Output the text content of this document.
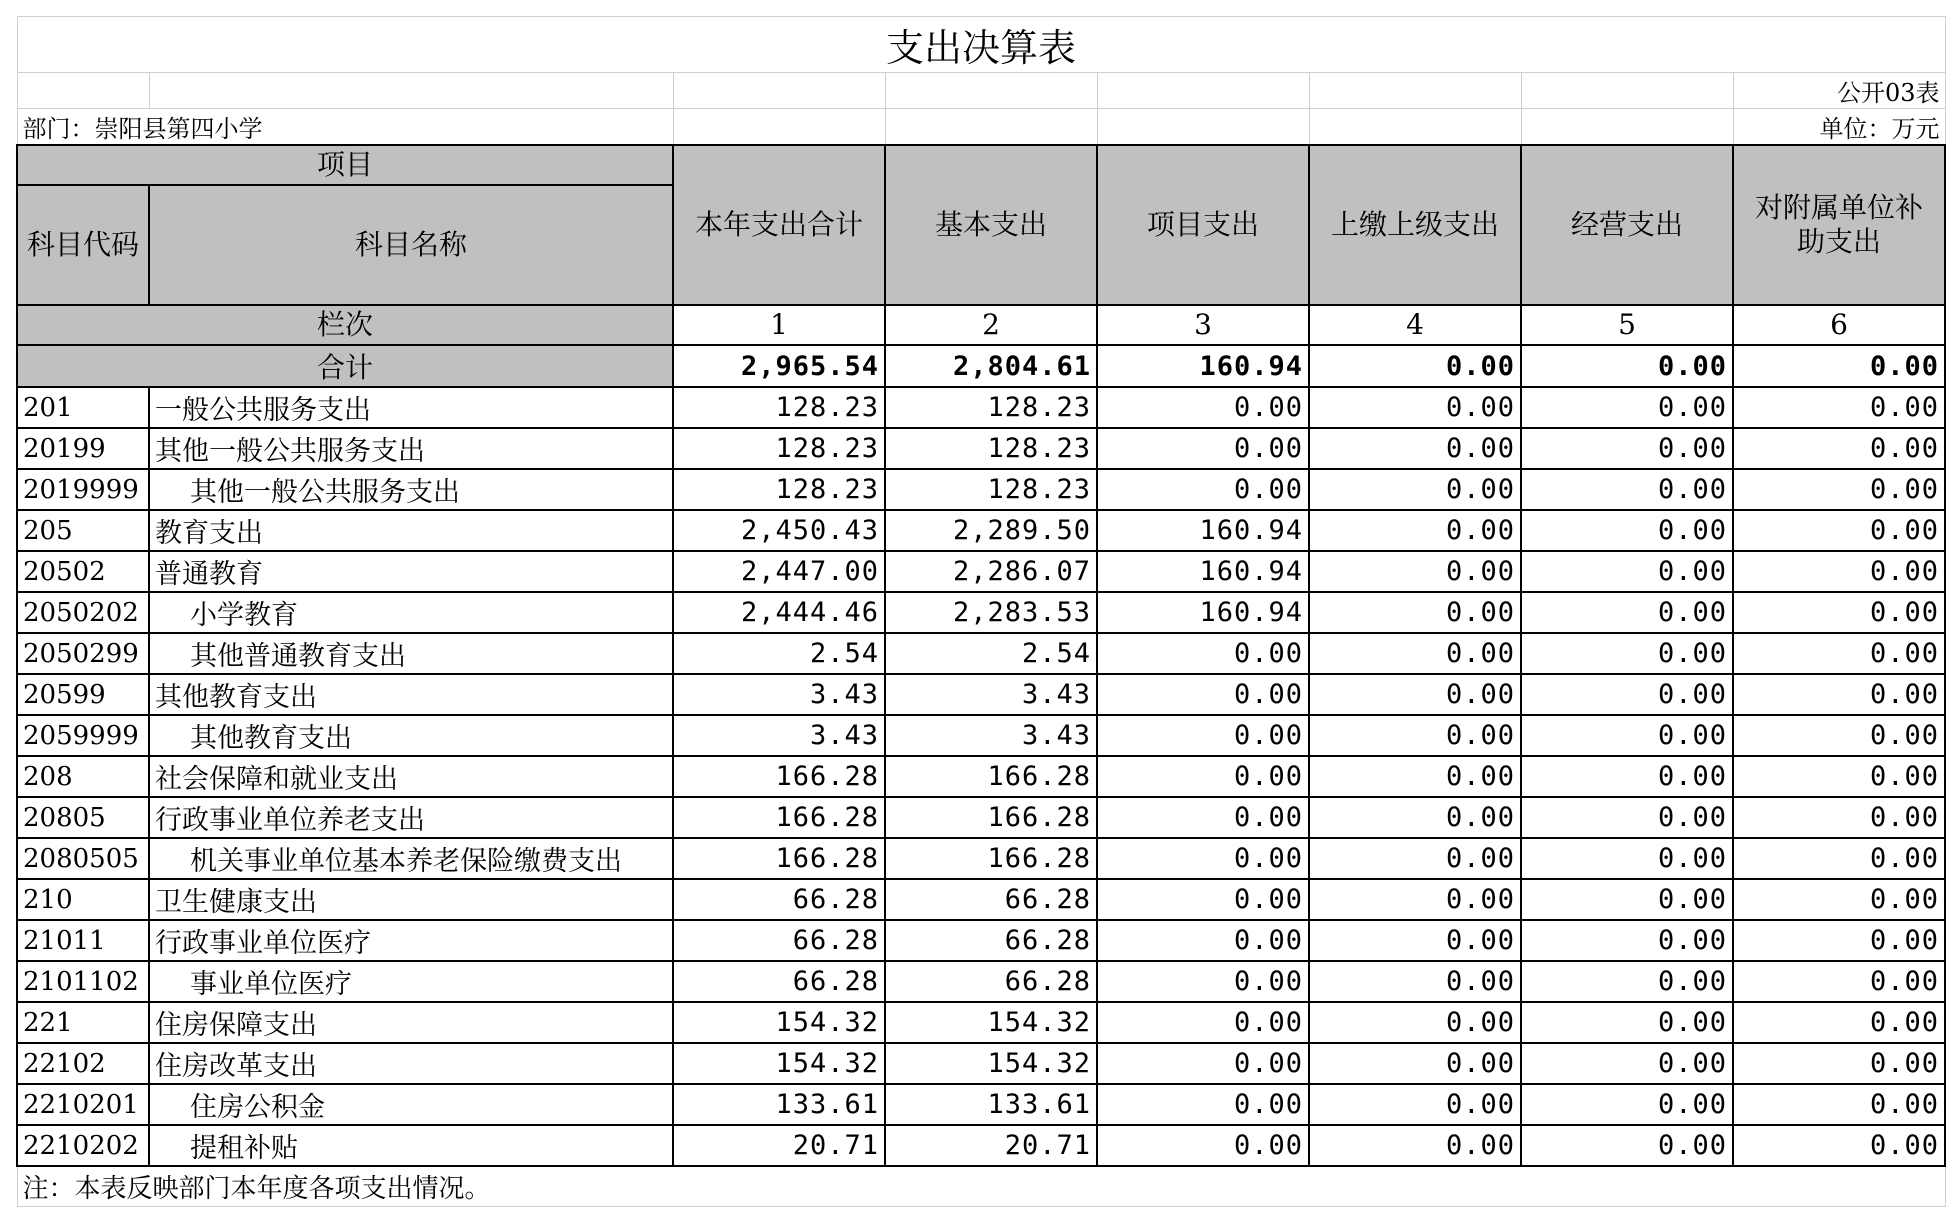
支出决算表							
							公开03表
部门：崇阳县第四小学							单位：万元
项目		本年支出合计	基本支出	项目支出	上缴上级支出	经营支出	对附属单位补助支出
科目代码	科目名称						
栏次		1	2	3	4	5	6
合计		2,965.54	2,804.61	160.94	0.00	0.00	0.00
201	一般公共服务支出	128.23	128.23	0.00	0.00	0.00	0.00
20199	其他一般公共服务支出	128.23	128.23	0.00	0.00	0.00	0.00
2019999	其他一般公共服务支出	128.23	128.23	0.00	0.00	0.00	0.00
205	教育支出	2,450.43	2,289.50	160.94	0.00	0.00	0.00
20502	普通教育	2,447.00	2,286.07	160.94	0.00	0.00	0.00
2050202	小学教育	2,444.46	2,283.53	160.94	0.00	0.00	0.00
2050299	其他普通教育支出	2.54	2.54	0.00	0.00	0.00	0.00
20599	其他教育支出	3.43	3.43	0.00	0.00	0.00	0.00
2059999	其他教育支出	3.43	3.43	0.00	0.00	0.00	0.00
208	社会保障和就业支出	166.28	166.28	0.00	0.00	0.00	0.00
20805	行政事业单位养老支出	166.28	166.28	0.00	0.00	0.00	0.00
2080505	机关事业单位基本养老保险缴费支出	166.28	166.28	0.00	0.00	0.00	0.00
210	卫生健康支出	66.28	66.28	0.00	0.00	0.00	0.00
21011	行政事业单位医疗	66.28	66.28	0.00	0.00	0.00	0.00
2101102	事业单位医疗	66.28	66.28	0.00	0.00	0.00	0.00
221	住房保障支出	154.32	154.32	0.00	0.00	0.00	0.00
22102	住房改革支出	154.32	154.32	0.00	0.00	0.00	0.00
2210201	住房公积金	133.61	133.61	0.00	0.00	0.00	0.00
2210202	提租补贴	20.71	20.71	0.00	0.00	0.00	0.00
注：本表反映部门本年度各项支出情况。							
